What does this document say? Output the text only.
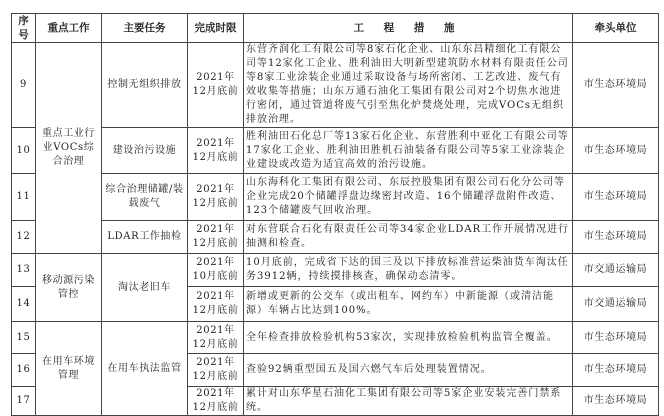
序号	重点工作	主要任务	完成时限	工 程 措 施	牵头单位
9	重点工业行业VOCs综合治理	控制无组织排放	2021年12月底前	东营齐润化工有限公司等8家石化企业、山东东昌精细化工有限公司等12家化工企业、胜利油田大明新型建筑防水材料有限责任公司等8家工业涂装企业通过采取设备与场所密闭、工艺改进、废气有效收集等措施；山东万通石油化工集团有限公司对2个切焦水池进行密闭，通过管道将废气引至焦化炉焚烧处理，完成VOCs无组织排放治理。	市生态环境局
10		建设治污设施	2021年12月底前	胜利油田石化总厂等13家石化企业、东营胜利中亚化工有限公司等17家化工企业、胜利油田胜机石油装备有限公司等5家工业涂装企业建设或改造为适宜高效的治污设施。	市生态环境局
11		综合治理储罐/装载废气	2021年12月底前	山东海科化工集团有限公司、东辰控股集团有限公司石化分公司等企业完成20个储罐浮盘边缘密封改造、16个储罐浮盘附件改造、123个储罐废气回收治理。	市生态环境局
12		LDAR工作抽检	2021年12月底前	对东营联合石化有限责任公司等34家企业LDAR工作开展情况进行抽测和检查。	市生态环境局
13	移动源污染管控	淘汰老旧车	2021年10月底前	10月底前，完成省下达的国三及以下排放标准营运柴油货车淘汰任务3912辆，持续摸排核查，确保动态清零。	市交通运输局
14			2021年12月底前	新增或更新的公交车（或出租车、网约车）中新能源（或清洁能源）车辆占比达到100%。	市交通运输局
15	在用车环境管理	在用车执法监管	2021年12月底前	全年检查排放检验机构53家次，实现排放检验机构监管全覆盖。	市生态环境局
16			2021年12月底前	查验92辆重型国五及国六燃气车后处理装置情况。	市生态环境局
17			2021年12月底前	累计对山东华星石油化工集团有限公司等5家企业安装完善门禁系统。	市生态环境局
